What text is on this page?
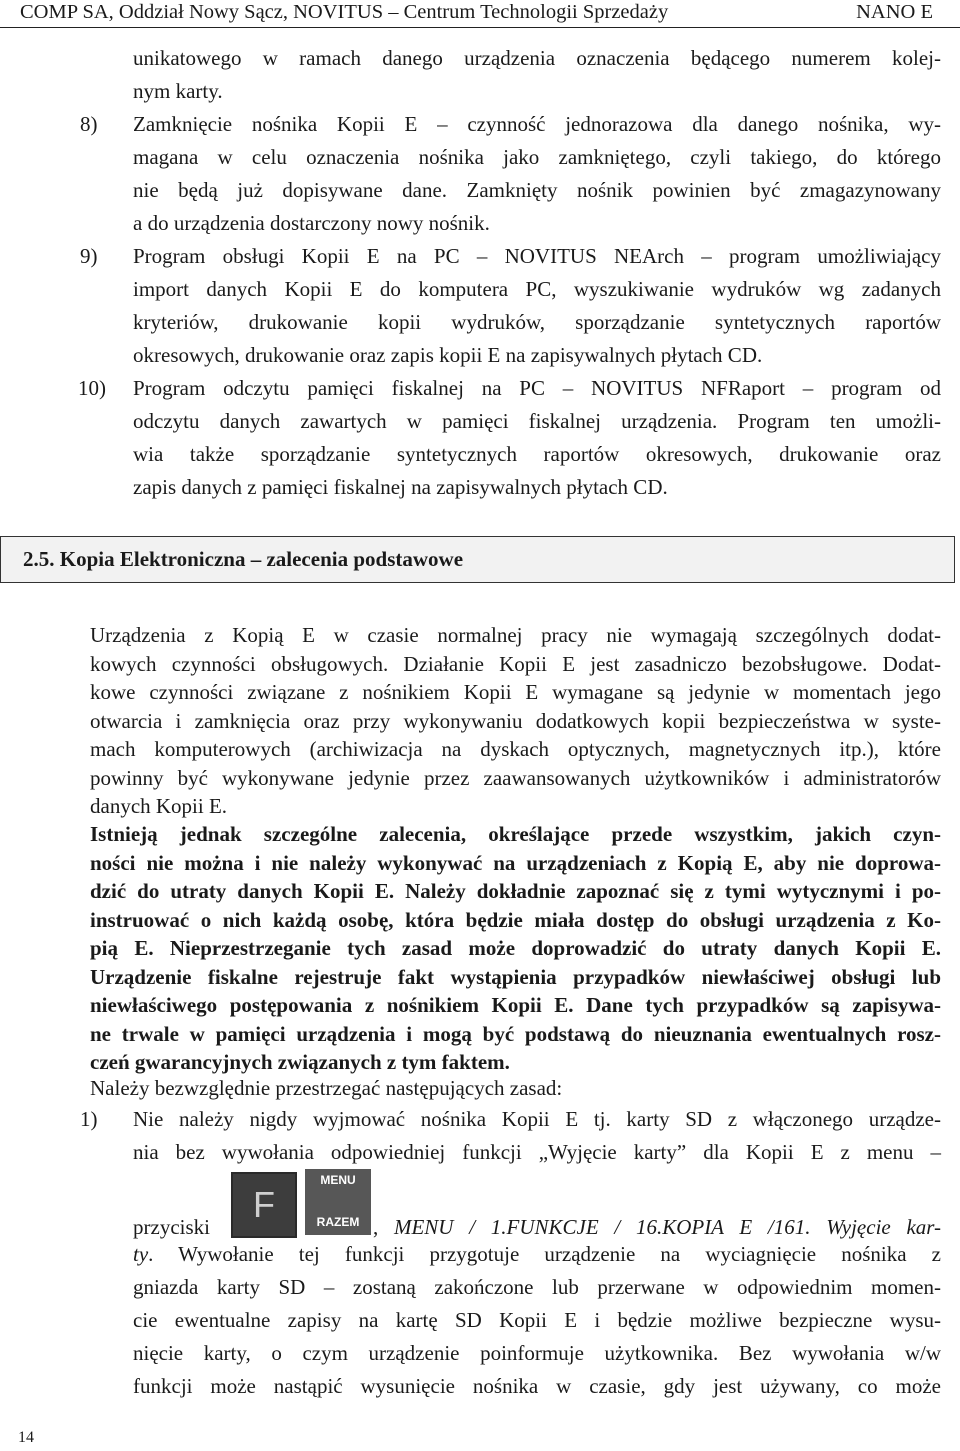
COMP SA, Oddział Nowy Sącz, NOVITUS – Centrum Technologii Sprzedaży	NANO E
unikatowego w ramach danego urządzenia oznaczenia będącego numerem kolej-
nym karty.
8) Zamknięcie nośnika Kopii E – czynność jednorazowa dla danego nośnika, wy-
magana w celu oznaczenia nośnika jako zamkniętego, czyli takiego, do którego
nie będą już dopisywane dane. Zamknięty nośnik powinien być zmagazynowany
a do urządzenia dostarczony nowy nośnik.
9) Program obsługi Kopii E na PC – NOVITUS NEArch – program umożliwiający
import danych Kopii E do komputera PC, wyszukiwanie wydruków wg zadanych
kryteriów, drukowanie kopii wydruków, sporządzanie syntetycznych raportów
okresowych, drukowanie oraz zapis kopii E na zapisywalnych płytach CD.
10) Program odczytu pamięci fiskalnej na PC – NOVITUS NFRaport – program od
odczytu danych zawartych w pamięci fiskalnej urządzenia. Program ten umożli-
wia także sporządzanie syntetycznych raportów okresowych, drukowanie oraz
zapis danych z pamięci fiskalnej na zapisywalnych płytach CD.
2.5. Kopia Elektroniczna – zalecenia podstawowe
Urządzenia z Kopią E w czasie normalnej pracy nie wymagają szczególnych dodat-
kowych czynności obsługowych. Działanie Kopii E jest zasadniczo bezobsługowe. Dodat-
kowe czynności związane z nośnikiem Kopii E wymagane są jedynie w momentach jego
otwarcia i zamknięcia oraz przy wykonywaniu dodatkowych kopii bezpieczeństwa w syste-
mach komputerowych (archiwizacja na dyskach optycznych, magnetycznych itp.), które
powinny być wykonywane jedynie przez zaawansowanych użytkowników i administratorów
danych Kopii E.
Istnieją jednak szczególne zalecenia, określające przede wszystkim, jakich czyn-
ności nie można i nie należy wykonywać na urządzeniach z Kopią E, aby nie doprowa-
dzić do utraty danych Kopii E. Należy dokładnie zapoznać się z tymi wytycznymi i po-
instruować o nich każdą osobę, która będzie miała dostęp do obsługi urządzenia z Ko-
pią E. Nieprzestrzeganie tych zasad może doprowadzić do utraty danych Kopii E.
Urządzenie fiskalne rejestruje fakt wystąpienia przypadków niewłaściwej obsługi lub
niewłaściwego postępowania z nośnikiem Kopii E. Dane tych przypadków są zapisywa-
ne trwale w pamięci urządzenia i mogą być podstawą do nieuznania ewentualnych rosz-
czeń gwarancyjnych związanych z tym faktem.
Należy bezwzględnie przestrzegać następujących zasad:
1) Nie należy nigdy wyjmować nośnika Kopii E tj. karty SD z włączonego urządze-
nia bez wywołania odpowiedniej funkcji „Wyjęcie karty” dla Kopii E z menu –
przyciski
F
MENU
RAZEM , MENU / 1.FUNKCJE / 16.KOPIA E /161. Wyjęcie kar-
ty. Wywołanie tej funkcji przygotuje urządzenie na wyciagnięcie nośnika z
gniazda karty SD – zostaną zakończone lub przerwane w odpowiednim momen-
cie ewentualne zapisy na kartę SD Kopii E i będzie możliwe bezpieczne wysu-
nięcie karty, o czym urządzenie poinformuje użytkownika. Bez wywołania w/w
funkcji może nastąpić wysunięcie nośnika w czasie, gdy jest używany, co może
14
